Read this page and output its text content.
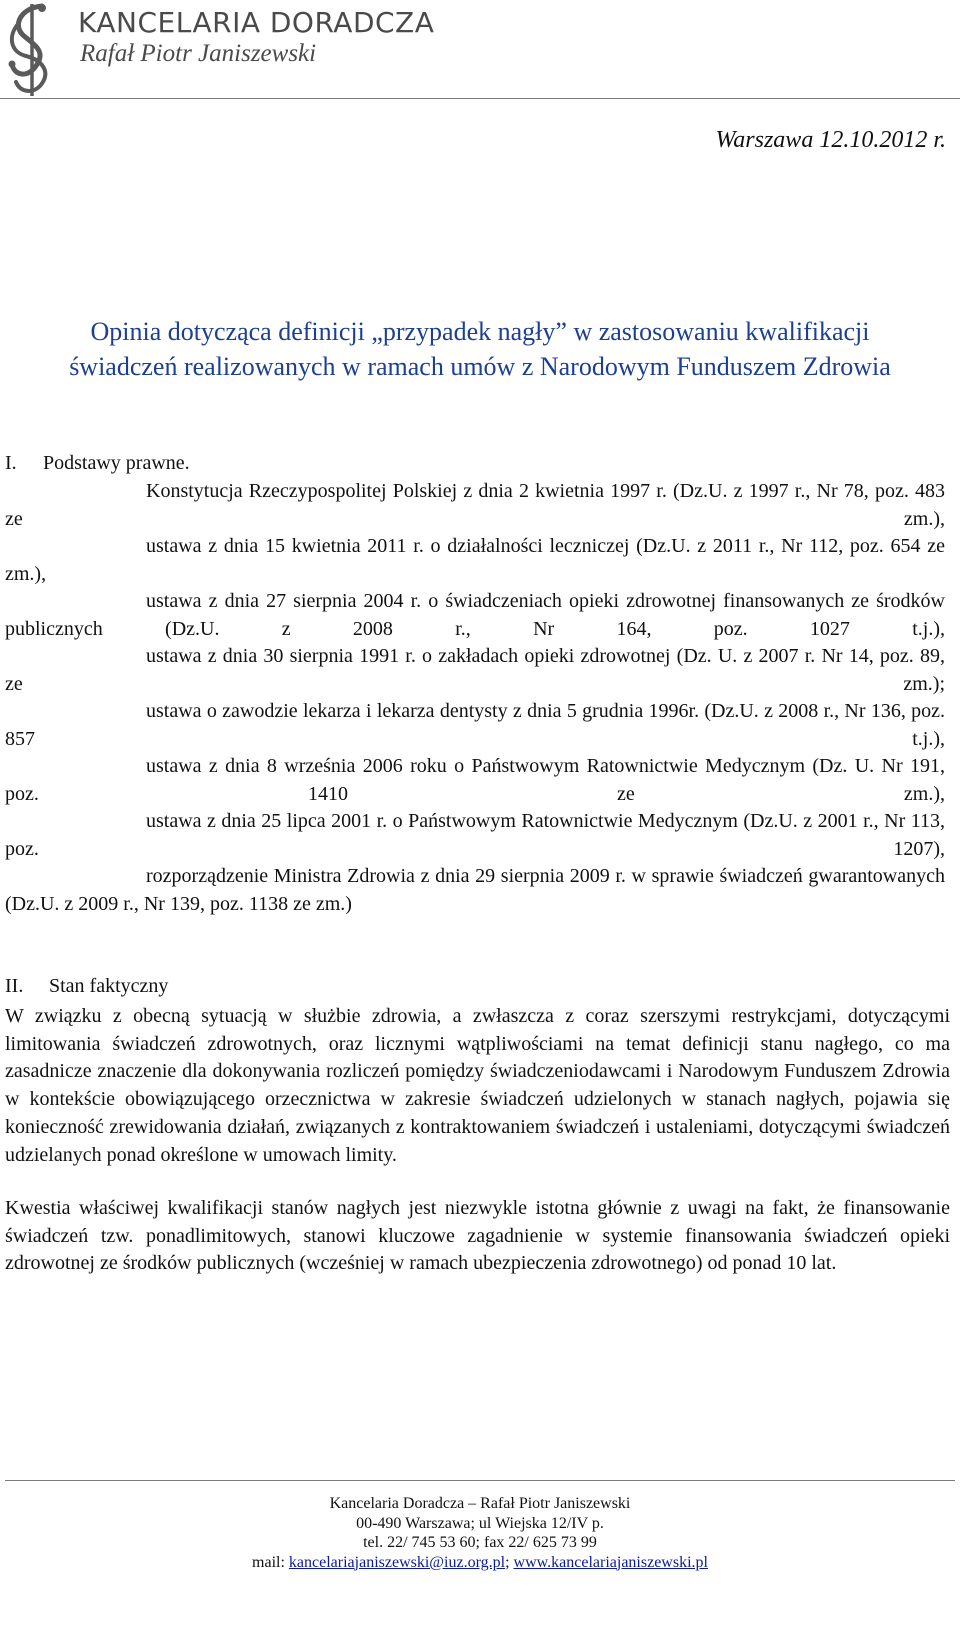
KANCELARIA DORADCZA
Rafał Piotr Janiszewski
Warszawa 12.10.2012 r.
Opinia dotycząca definicji „przypadek nagły” w zastosowaniu kwalifikacji
świadczeń realizowanych w ramach umów z Narodowym Funduszem Zdrowia
I. Podstawy prawne.
Konstytucja Rzeczypospolitej Polskiej z dnia 2 kwietnia 1997 r. (Dz.U. z 1997 r., Nr 78, poz. 483 ze zm.),
ustawa z dnia 15 kwietnia 2011 r. o działalności leczniczej (Dz.U. z 2011 r., Nr 112, poz. 654 ze zm.),
ustawa z dnia 27 sierpnia 2004 r. o świadczeniach opieki zdrowotnej finansowanych ze środków publicznych (Dz.U. z 2008 r., Nr 164, poz. 1027 t.j.),
ustawa z dnia 30 sierpnia 1991 r. o zakładach opieki zdrowotnej (Dz. U. z 2007 r. Nr 14, poz. 89, ze zm.);
ustawa o zawodzie lekarza i lekarza dentysty z dnia 5 grudnia 1996r. (Dz.U. z 2008 r., Nr 136, poz. 857 t.j.),
ustawa z dnia 8 września 2006 roku o Państwowym Ratownictwie Medycznym (Dz. U. Nr 191, poz. 1410 ze zm.),
ustawa z dnia 25 lipca 2001 r. o Państwowym Ratownictwie Medycznym (Dz.U. z 2001 r., Nr 113, poz. 1207),
rozporządzenie Ministra Zdrowia z dnia 29 sierpnia 2009 r. w sprawie świadczeń gwarantowanych (Dz.U. z 2009 r., Nr 139, poz. 1138 ze zm.)
II. Stan faktyczny
W związku z obecną sytuacją w służbie zdrowia, a zwłaszcza z coraz szerszymi restrykcjami, dotyczącymi limitowania świadczeń zdrowotnych, oraz licznymi wątpliwościami na temat definicji stanu nagłego, co ma zasadnicze znaczenie dla dokonywania rozliczeń pomiędzy świadczeniodawcami i Narodowym Funduszem Zdrowia w kontekście obowiązującego orzecznictwa w zakresie świadczeń udzielonych w stanach nagłych, pojawia się konieczność zrewidowania działań, związanych z kontraktowaniem świadczeń i ustaleniami, dotyczącymi świadczeń udzielanych ponad określone w umowach limity.
Kwestia właściwej kwalifikacji stanów nagłych jest niezwykle istotna głównie z uwagi na fakt, że finansowanie świadczeń tzw. ponadlimitowych, stanowi kluczowe zagadnienie w systemie finansowania świadczeń opieki zdrowotnej ze środków publicznych (wcześniej w ramach ubezpieczenia zdrowotnego) od ponad 10 lat.
Kancelaria Doradcza – Rafał Piotr Janiszewski
00-490 Warszawa; ul Wiejska 12/IV p.
tel. 22/ 745 53 60; fax 22/ 625 73 99
mail: kancelariajaniszewski@iuz.org.pl; www.kancelariajaniszewski.pl
